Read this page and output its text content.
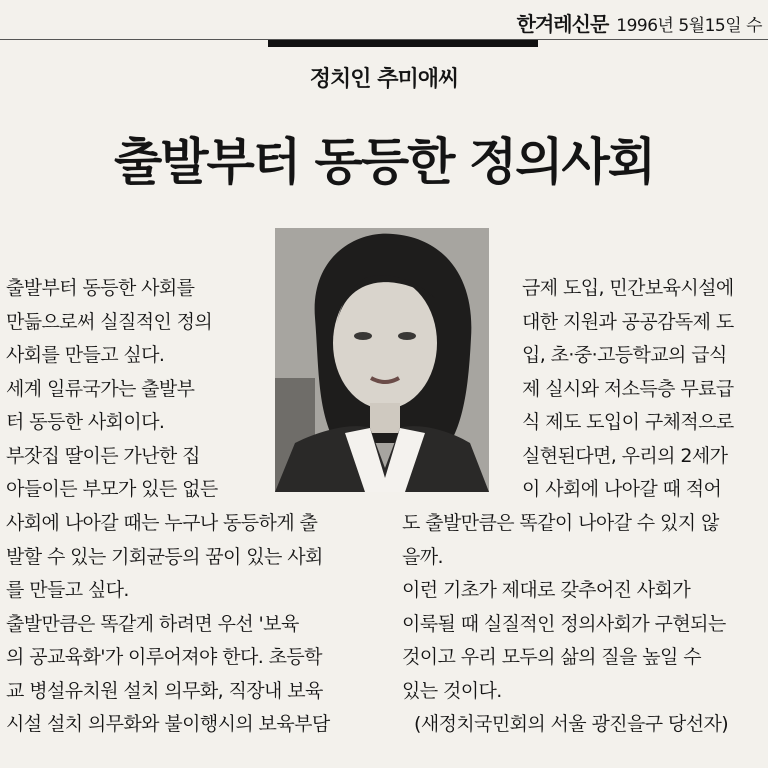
한겨레신문 1996년 5월15일 수
정치인 추미애씨
출발부터 동등한 정의사회

출발부터 동등한 사회를

만듦으로써 실질적인 정의

사회를 만들고 싶다.

세계 일류국가는 출발부

터 동등한 사회이다.

부잣집 딸이든 가난한 집

아들이든 부모가 있든 없든

사회에 나아갈 때는 누구나 동등하게 출

발할 수 있는 기회균등의 꿈이 있는 사회

를 만들고 싶다.

출발만큼은 똑같게 하려면 우선 '보육

의 공교육화'가 이루어져야 한다. 초등학

교 병설유치원 설치 의무화, 직장내 보육

시설 설치 의무화와 불이행시의 보육부담

금제 도입, 민간보육시설에

대한 지원과 공공감독제 도

입, 초·중·고등학교의 급식

제 실시와 저소득층 무료급

식 제도 도입이 구체적으로

실현된다면, 우리의 2세가

이 사회에 나아갈 때 적어

도 출발만큼은 똑같이 나아갈 수 있지 않

을까.

이런 기초가 제대로 갖추어진 사회가

이룩될 때 실질적인 정의사회가 구현되는

것이고 우리 모두의 삶의 질을 높일 수

있는 것이다.

(새정치국민회의 서울 광진을구 당선자)
